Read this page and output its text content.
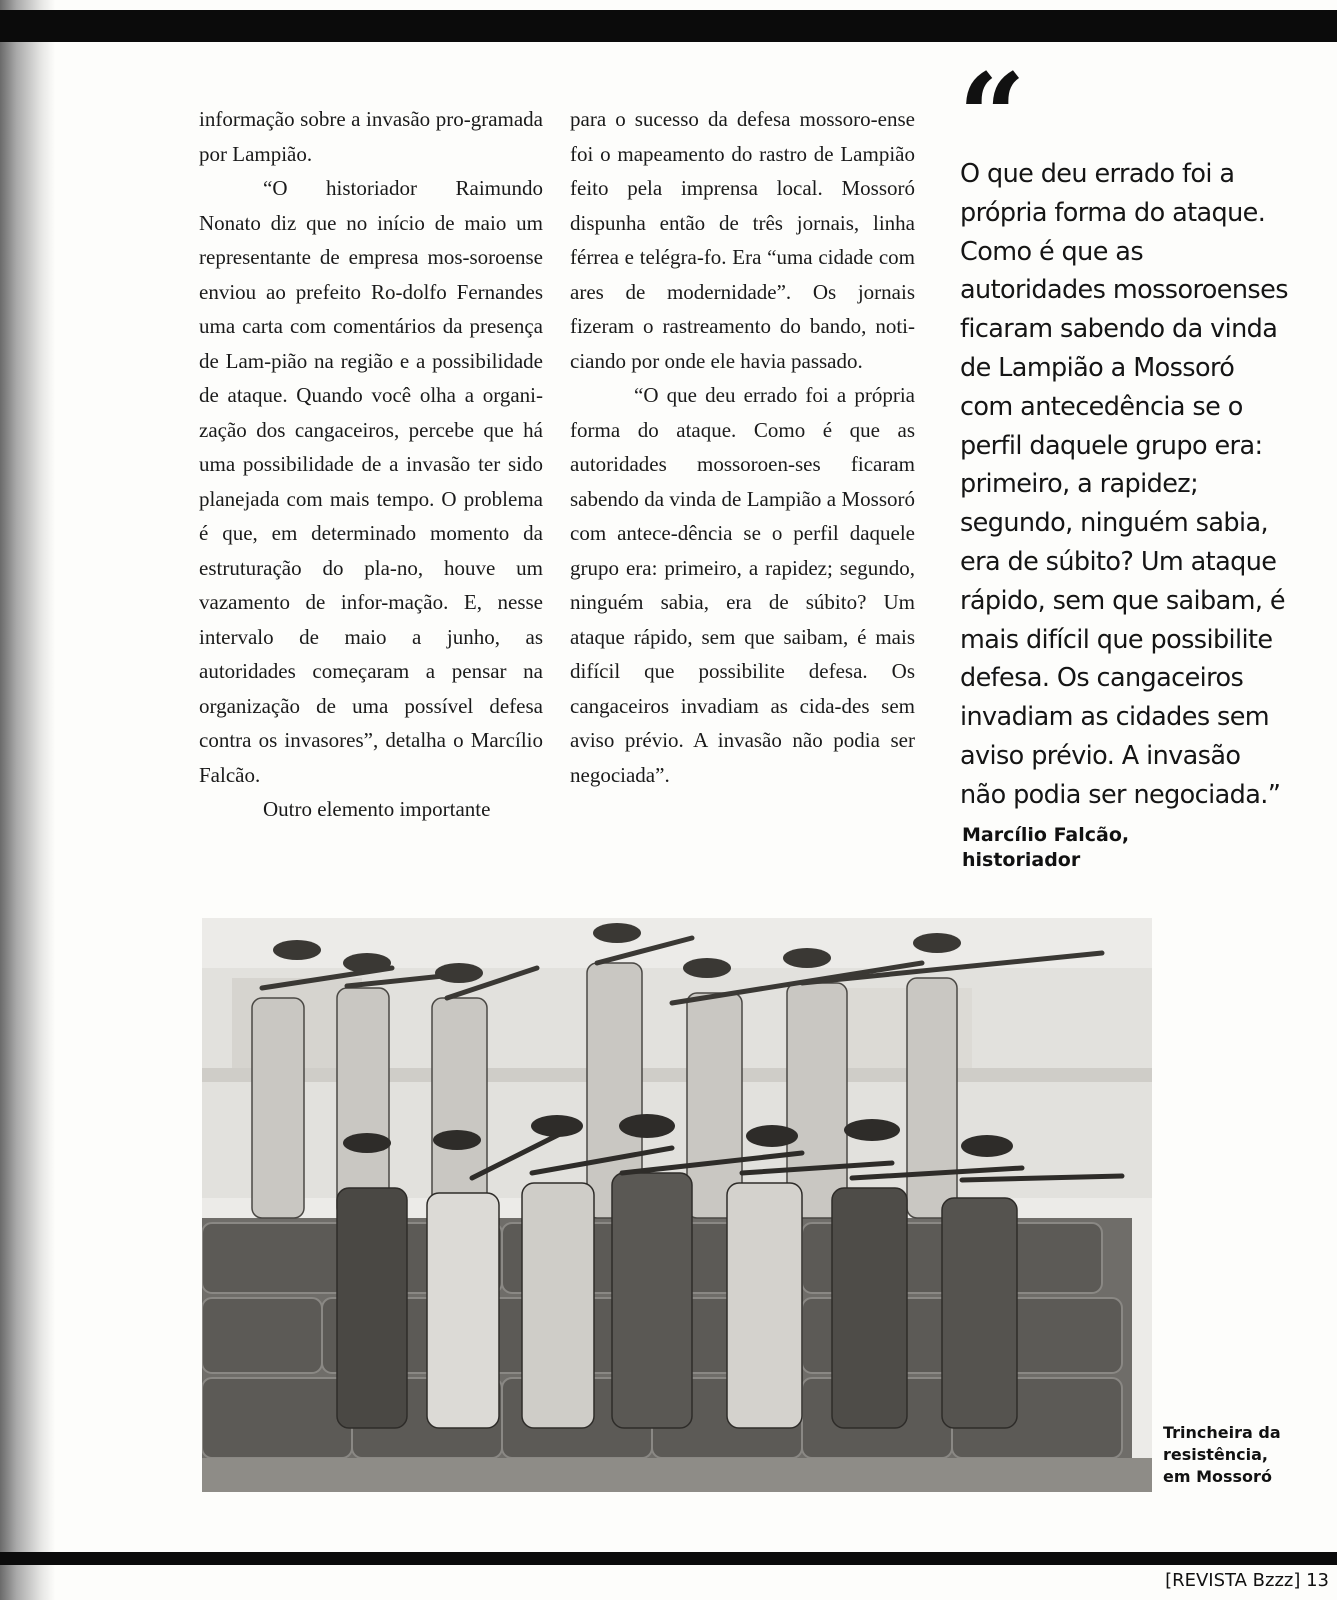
informação sobre a invasão pro-gramada por Lampião.

“O historiador Raimundo Nonato diz que no início de maio um representante de empresa mos-soroense enviou ao prefeito Ro-dolfo Fernandes uma carta com comentários da presença de Lam-pião na região e a possibilidade de ataque. Quando você olha a organi-zação dos cangaceiros, percebe que há uma possibilidade de a invasão ter sido planejada com mais tempo. O problema é que, em determinado momento da estruturação do pla-no, houve um vazamento de infor-mação. E, nesse intervalo de maio a junho, as autoridades começaram a pensar na organização de uma possível defesa contra os invasores”, detalha o Marcílio Falcão.

Outro elemento importante

para o sucesso da defesa mossoro-ense foi o mapeamento do rastro de Lampião feito pela imprensa local. Mossoró dispunha então de três jornais, linha férrea e telégra-fo. Era “uma cidade com ares de modernidade”. Os jornais fizeram o rastreamento do bando, noti-ciando por onde ele havia passado.

“O que deu errado foi a própria forma do ataque. Como é que as autoridades mossoroen-ses ficaram sabendo da vinda de Lampião a Mossoró com antece-dência se o perfil daquele grupo era: primeiro, a rapidez; segundo, ninguém sabia, era de súbito? Um ataque rápido, sem que saibam, é mais difícil que possibilite defesa. Os cangaceiros invadiam as cida-des sem aviso prévio. A invasão não podia ser negociada”.

“
O que deu errado foi a própria forma do ataque. Como é que as autoridades mossoroenses ficaram sabendo da vinda de Lampião a Mossoró com antecedência se o perfil daquele grupo era: primeiro, a rapidez; segundo, ninguém sabia, era de súbito? Um ataque rápido, sem que saibam, é mais difícil que possibilite defesa. Os cangaceiros invadiam as cidades sem aviso prévio. A invasão não podia ser negociada.”
Marcílio Falcão,
historiador
Trincheira da
resistência,
em Mossoró
[REVISTA Bzzz] 13
